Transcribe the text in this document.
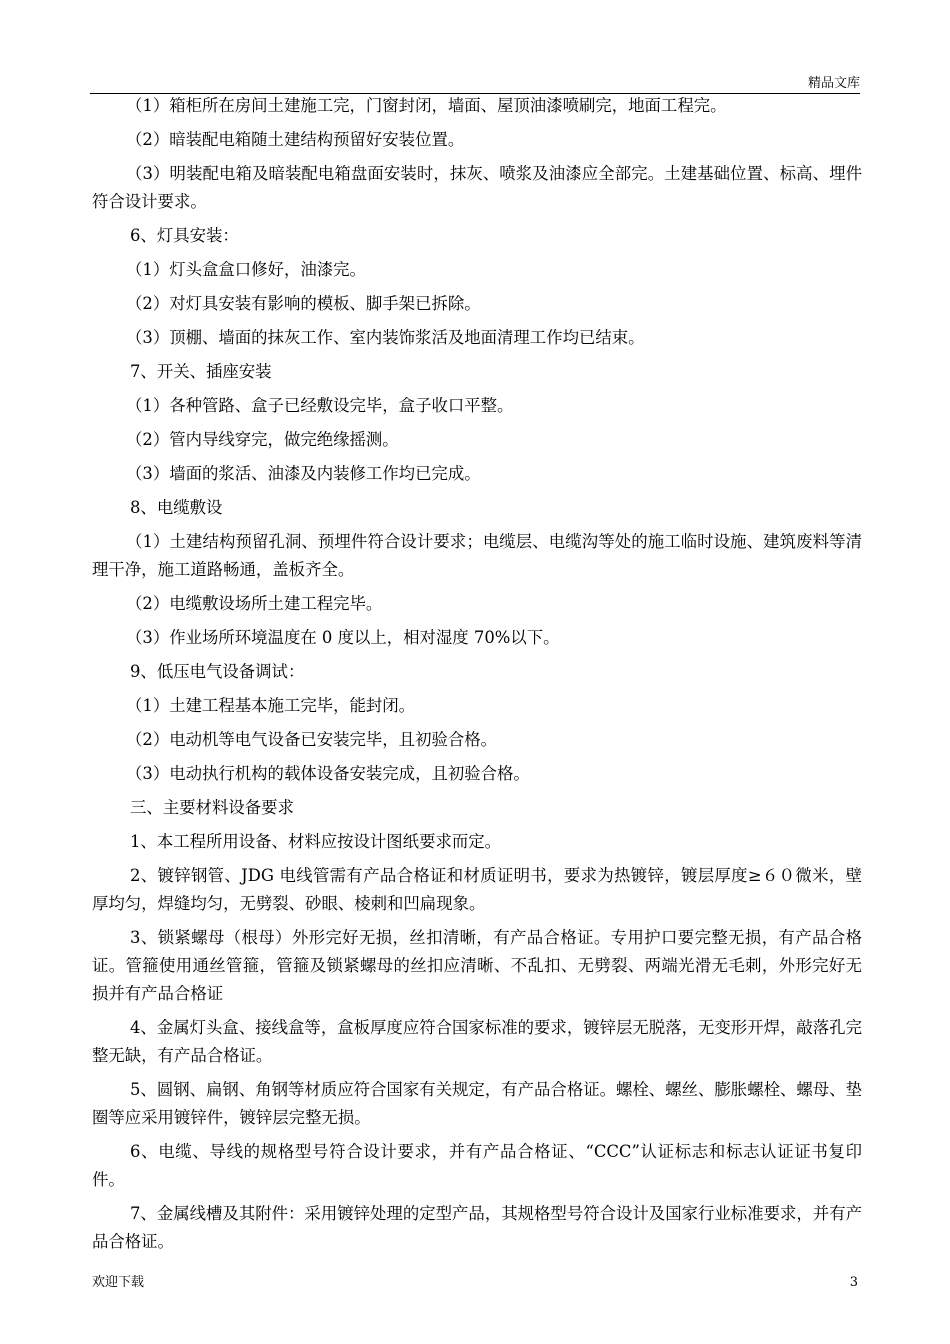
精品文库

（1）箱柜所在房间土建施工完，门窗封闭，墙面、屋顶油漆喷刷完，地面工程完。

（2）暗装配电箱随土建结构预留好安装位置。

（3）明装配电箱及暗装配电箱盘面安装时，抹灰、喷浆及油漆应全部完。土建基础位置、标高、埋件符合设计要求。

6、灯具安装：

（1）灯头盒盒口修好，油漆完。

（2）对灯具安装有影响的模板、脚手架已拆除。

（3）顶棚、墙面的抹灰工作、室内装饰浆活及地面清理工作均已结束。

7、开关、插座安装

（1）各种管路、盒子已经敷设完毕，盒子收口平整。

（2）管内导线穿完，做完绝缘摇测。

（3）墙面的浆活、油漆及内装修工作均已完成。

8、电缆敷设

（1）土建结构预留孔洞、预埋件符合设计要求；电缆层、电缆沟等处的施工临时设施、建筑废料等清理干净，施工道路畅通，盖板齐全。

（2）电缆敷设场所土建工程完毕。

（3）作业场所环境温度在 0 度以上，相对湿度 70%以下。

9、低压电气设备调试：

（1）土建工程基本施工完毕，能封闭。

（2）电动机等电气设备已安装完毕，且初验合格。

（3）电动执行机构的载体设备安装完成，且初验合格。

三、主要材料设备要求

1、本工程所用设备、材料应按设计图纸要求而定。

2、镀锌钢管、JDG 电线管需有产品合格证和材质证明书，要求为热镀锌，镀层厚度≥６０微米，壁厚均匀，焊缝均匀，无劈裂、砂眼、棱刺和凹扁现象。

3、锁紧螺母（根母）外形完好无损，丝扣清晰，有产品合格证。专用护口要完整无损，有产品合格证。管箍使用通丝管箍，管箍及锁紧螺母的丝扣应清晰、不乱扣、无劈裂、两端光滑无毛刺，外形完好无损并有产品合格证

4、金属灯头盒、接线盒等，盒板厚度应符合国家标准的要求，镀锌层无脱落，无变形开焊，敲落孔完整无缺，有产品合格证。

5、圆钢、扁钢、角钢等材质应符合国家有关规定，有产品合格证。螺栓、螺丝、膨胀螺栓、螺母、垫圈等应采用镀锌件，镀锌层完整无损。

6、电缆、导线的规格型号符合设计要求，并有产品合格证、“CCC”认证标志和标志认证证书复印件。

7、金属线槽及其附件：采用镀锌处理的定型产品，其规格型号符合设计及国家行业标准要求，并有产品合格证。

欢迎下载	3
